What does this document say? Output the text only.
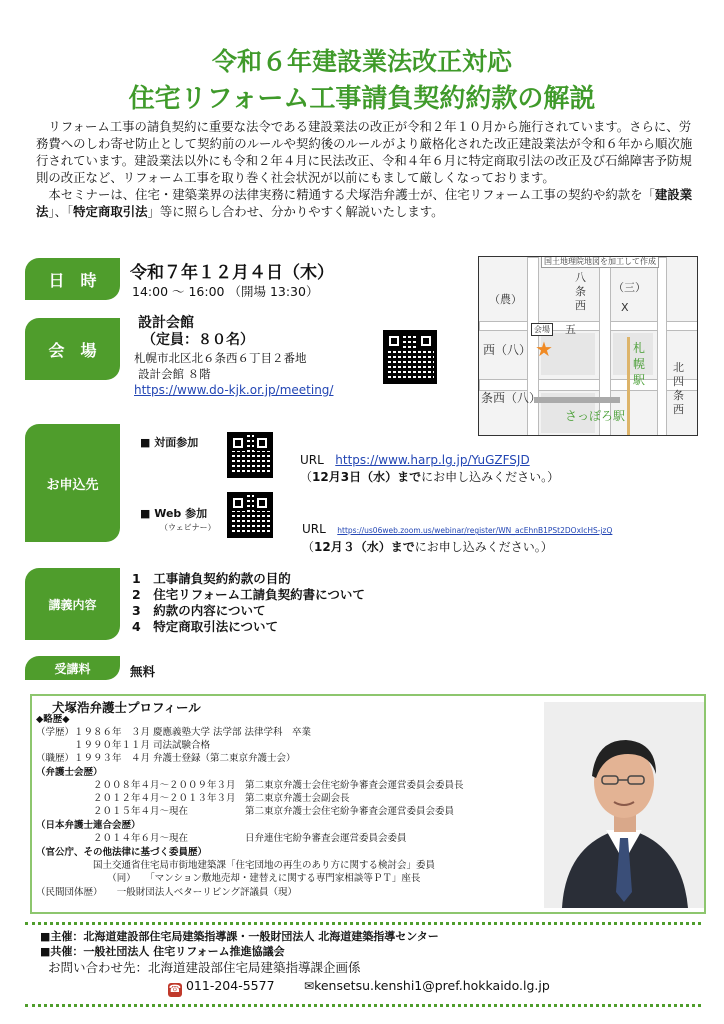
令和６年建設業法改正対応
住宅リフォーム工事請負契約約款の解説

リフォーム工事の請負契約に重要な法令である建設業法の改正が令和２年１０月から施行されています。さらに、労務費へのしわ寄せ防止として契約前のルールや契約後のルールがより厳格化された改正建設業法が令和６年から順次施行されています。建設業法以外にも令和２年４月に民法改正、令和４年６月に特定商取引法の改正及び石綿障害予防規則の改正など、リフォーム工事を取り巻く社会状況が以前にもまして厳しくなっております。

本セミナーは、住宅・建築業界の法律実務に精通する犬塚浩弁護士が、住宅リフォーム工事の契約や約款を「建設業法」、「特定商取引法」等に照らし合わせ、分かりやすく解説いたします。

日　時	令和７年１２月４日（木）
14:00 ～ 16:00 （開場 13:30）
会　場
設計会館
（定員：８０名）
札幌市北区北６条西６丁目２番地
設計会館 ８階
https://www.do-kjk.or.jp/meeting/
国土地理院地図を加工して作成
八
条
西
（農）
（三）
X
会場 五
西（八） ★	札
幌
駅
北
四
条
西
条西（八）
さっぽろ駅
お申込先
■ 対面参加
URL https://www.harp.lg.jp/YuGZFSJD
（12月3日（水）までにお申し込みください。）
■ Web 参加
（ウェビナー）	URL https://us06web.zoom.us/webinar/register/WN_acEhnB1PSt2DOxIcHS-jzQ
（12月３（水）までにお申し込みください。）
講義内容
1　工事請負契約約款の目的
2　住宅リフォーム工請負契約書について
3　約款の内容について
4　特定商取引法について
受講料	無料
犬塚浩弁護士プロフィール
◆略歴◆
（学歴）１９８６年　３月 慶應義塾大学 法学部 法律学科　卒業
　　　　１９９０年１１月 司法試験合格
（職歴）１９９３年　４月 弁護士登録（第二東京弁護士会）
（弁護士会歴）
　　　　　　２００８年４月～２００９年３月　第二東京弁護士会住宅紛争審査会運営委員会委員長
　　　　　　２０１２年４月～２０１３年３月　第二東京弁護士会副会長
　　　　　　２０１５年４月～現在　　　　　　第二東京弁護士会住宅紛争審査会運営委員会委員
（日本弁護士連合会歴）
　　　　　　２０１４年６月～現在　　　　　　日弁連住宅紛争審査会運営委員会委員
（官公庁、その他法律に基づく委員歴）
　　　　　　国土交通省住宅局市街地建築課「住宅団地の再生のあり方に関する検討会」委員
　　　　　　　　（同）　　「マンション敷地売却・建替えに関する専門家相談等ＰＴ」座長
（民間団体歴）　　一般財団法人ベターリビング評議員（現）
■主催：北海道建設部住宅局建築指導課・一般財団法人 北海道建築指導センター
■共催：一般社団法人 住宅リフォーム推進協議会
お問い合わせ先：北海道建設部住宅局建築指導課企画係
☎ 011-204-5577 ✉kensetsu.kenshi1@pref.hokkaido.lg.jp
